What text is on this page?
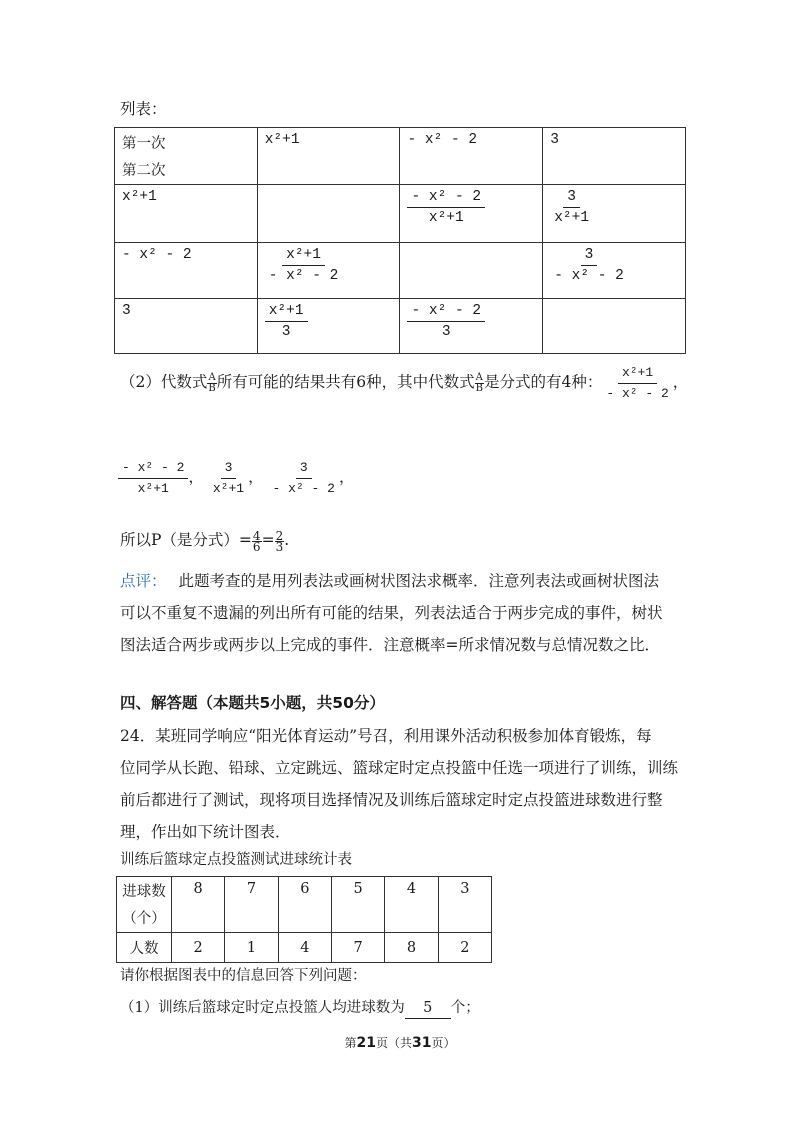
列表：
第一次
第二次	x²+1	- x² - 2	3
x²+1		$\frac{\text{- x² - 2}}{\text{x²+1}}$	$\frac{3}{\text{x²+1}}$

- x² - 2	$\frac{\text{x²+1}}{\text{- x² - 2}}$		$\frac{3}{\text{- x² - 2}}$

3	$\frac{\text{x²+1}}{3}$	$\frac{\text{- x² - 2}}{3}$

（2）代数式 $\frac{A}{B}$ 所有可能的结果共有6种，其中代数式 $\frac{A}{B}$ 是分式的有4种： $\frac{\text{x²+1}}{\text{- x² - 2}}$ ，
$\frac{\text{- x² - 2}}{\text{x²+1}}$ ， $\frac{3}{\text{x²+1}}$ ， $\frac{3}{\text{- x² - 2}}$ ，
所以P（是分式）= $\frac{4}{6} = \frac{2}{3}$ .
点评： 此题考查的是用列表法或画树状图法求概率．注意列表法或画树状图法
可以不重复不遗漏的列出所有可能的结果，列表法适合于两步完成的事件，树状
图法适合两步或两步以上完成的事件．注意概率=所求情况数与总情况数之比．
四、解答题（本题共5小题，共50分）
24．某班同学响应“阳光体育运动”号召，利用课外活动积极参加体育锻炼，每
位同学从长跑、铅球、立定跳远、篮球定时定点投篮中任选一项进行了训练，训练
前后都进行了测试，现将项目选择情况及训练后篮球定时定点投篮进球数进行整
理，作出如下统计图表．
训练后篮球定点投篮测试进球统计表
进球数
（个）	8	7	6	5	4	3
人数	2	1	4	7	8	2
请你根据图表中的信息回答下列问题：
（1）训练后篮球定时定点投篮人均进球数为 5 个；
第21页（共31页）
